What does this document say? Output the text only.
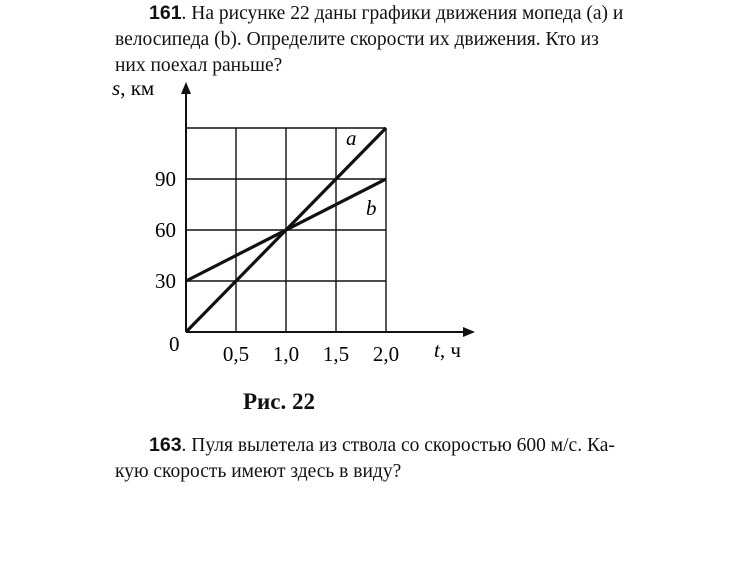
161. На рисунке 22 даны графики движения мопеда (a) и
велосипеда (b). Определите скорости их движения. Кто из
них поехал раньше?
0,5 1,0 1,5 2,0
30
60
90
s, км
t, ч
0
a
b
Рис. 22
163. Пуля вылетела из ствола со скоростью 600 м/с. Ка-
кую скорость имеют здесь в виду?
